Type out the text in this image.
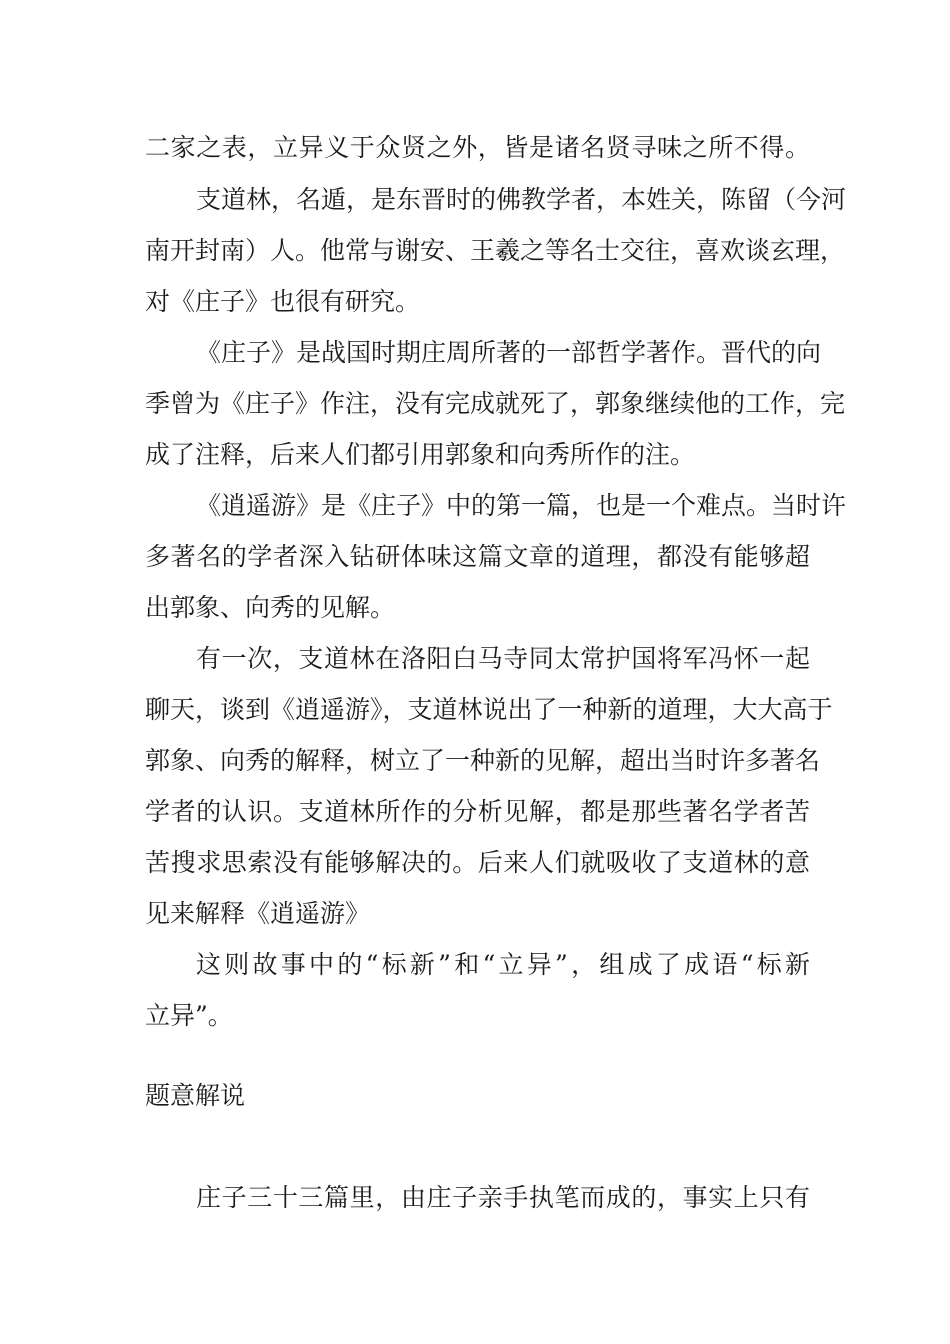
二家之表，立异义于众贤之外，皆是诸名贤寻味之所不得。

支道林，名遁，是东晋时的佛教学者，本姓关，陈留（今河

南开封南）人。他常与谢安、王羲之等名士交往，喜欢谈玄理，

对《庄子》也很有研究。

《庄子》是战国时期庄周所著的一部哲学著作。晋代的向

季曾为《庄子》作注，没有完成就死了，郭象继续他的工作，完

成了注释，后来人们都引用郭象和向秀所作的注。

《逍遥游》是《庄子》中的第一篇，也是一个难点。当时许

多著名的学者深入钻研体味这篇文章的道理，都没有能够超

出郭象、向秀的见解。

有一次，支道林在洛阳白马寺同太常护国将军冯怀一起

聊天，谈到《逍遥游》，支道林说出了一种新的道理，大大高于

郭象、向秀的解释，树立了一种新的见解，超出当时许多著名

学者的认识。支道林所作的分析见解，都是那些著名学者苦

苦搜求思索没有能够解决的。后来人们就吸收了支道林的意

见来解释《逍遥游》

这则故事中的“标新”和“立异”，组成了成语“标新

立异”。

题意解说

庄子三十三篇里，由庄子亲手执笔而成的，事实上只有
